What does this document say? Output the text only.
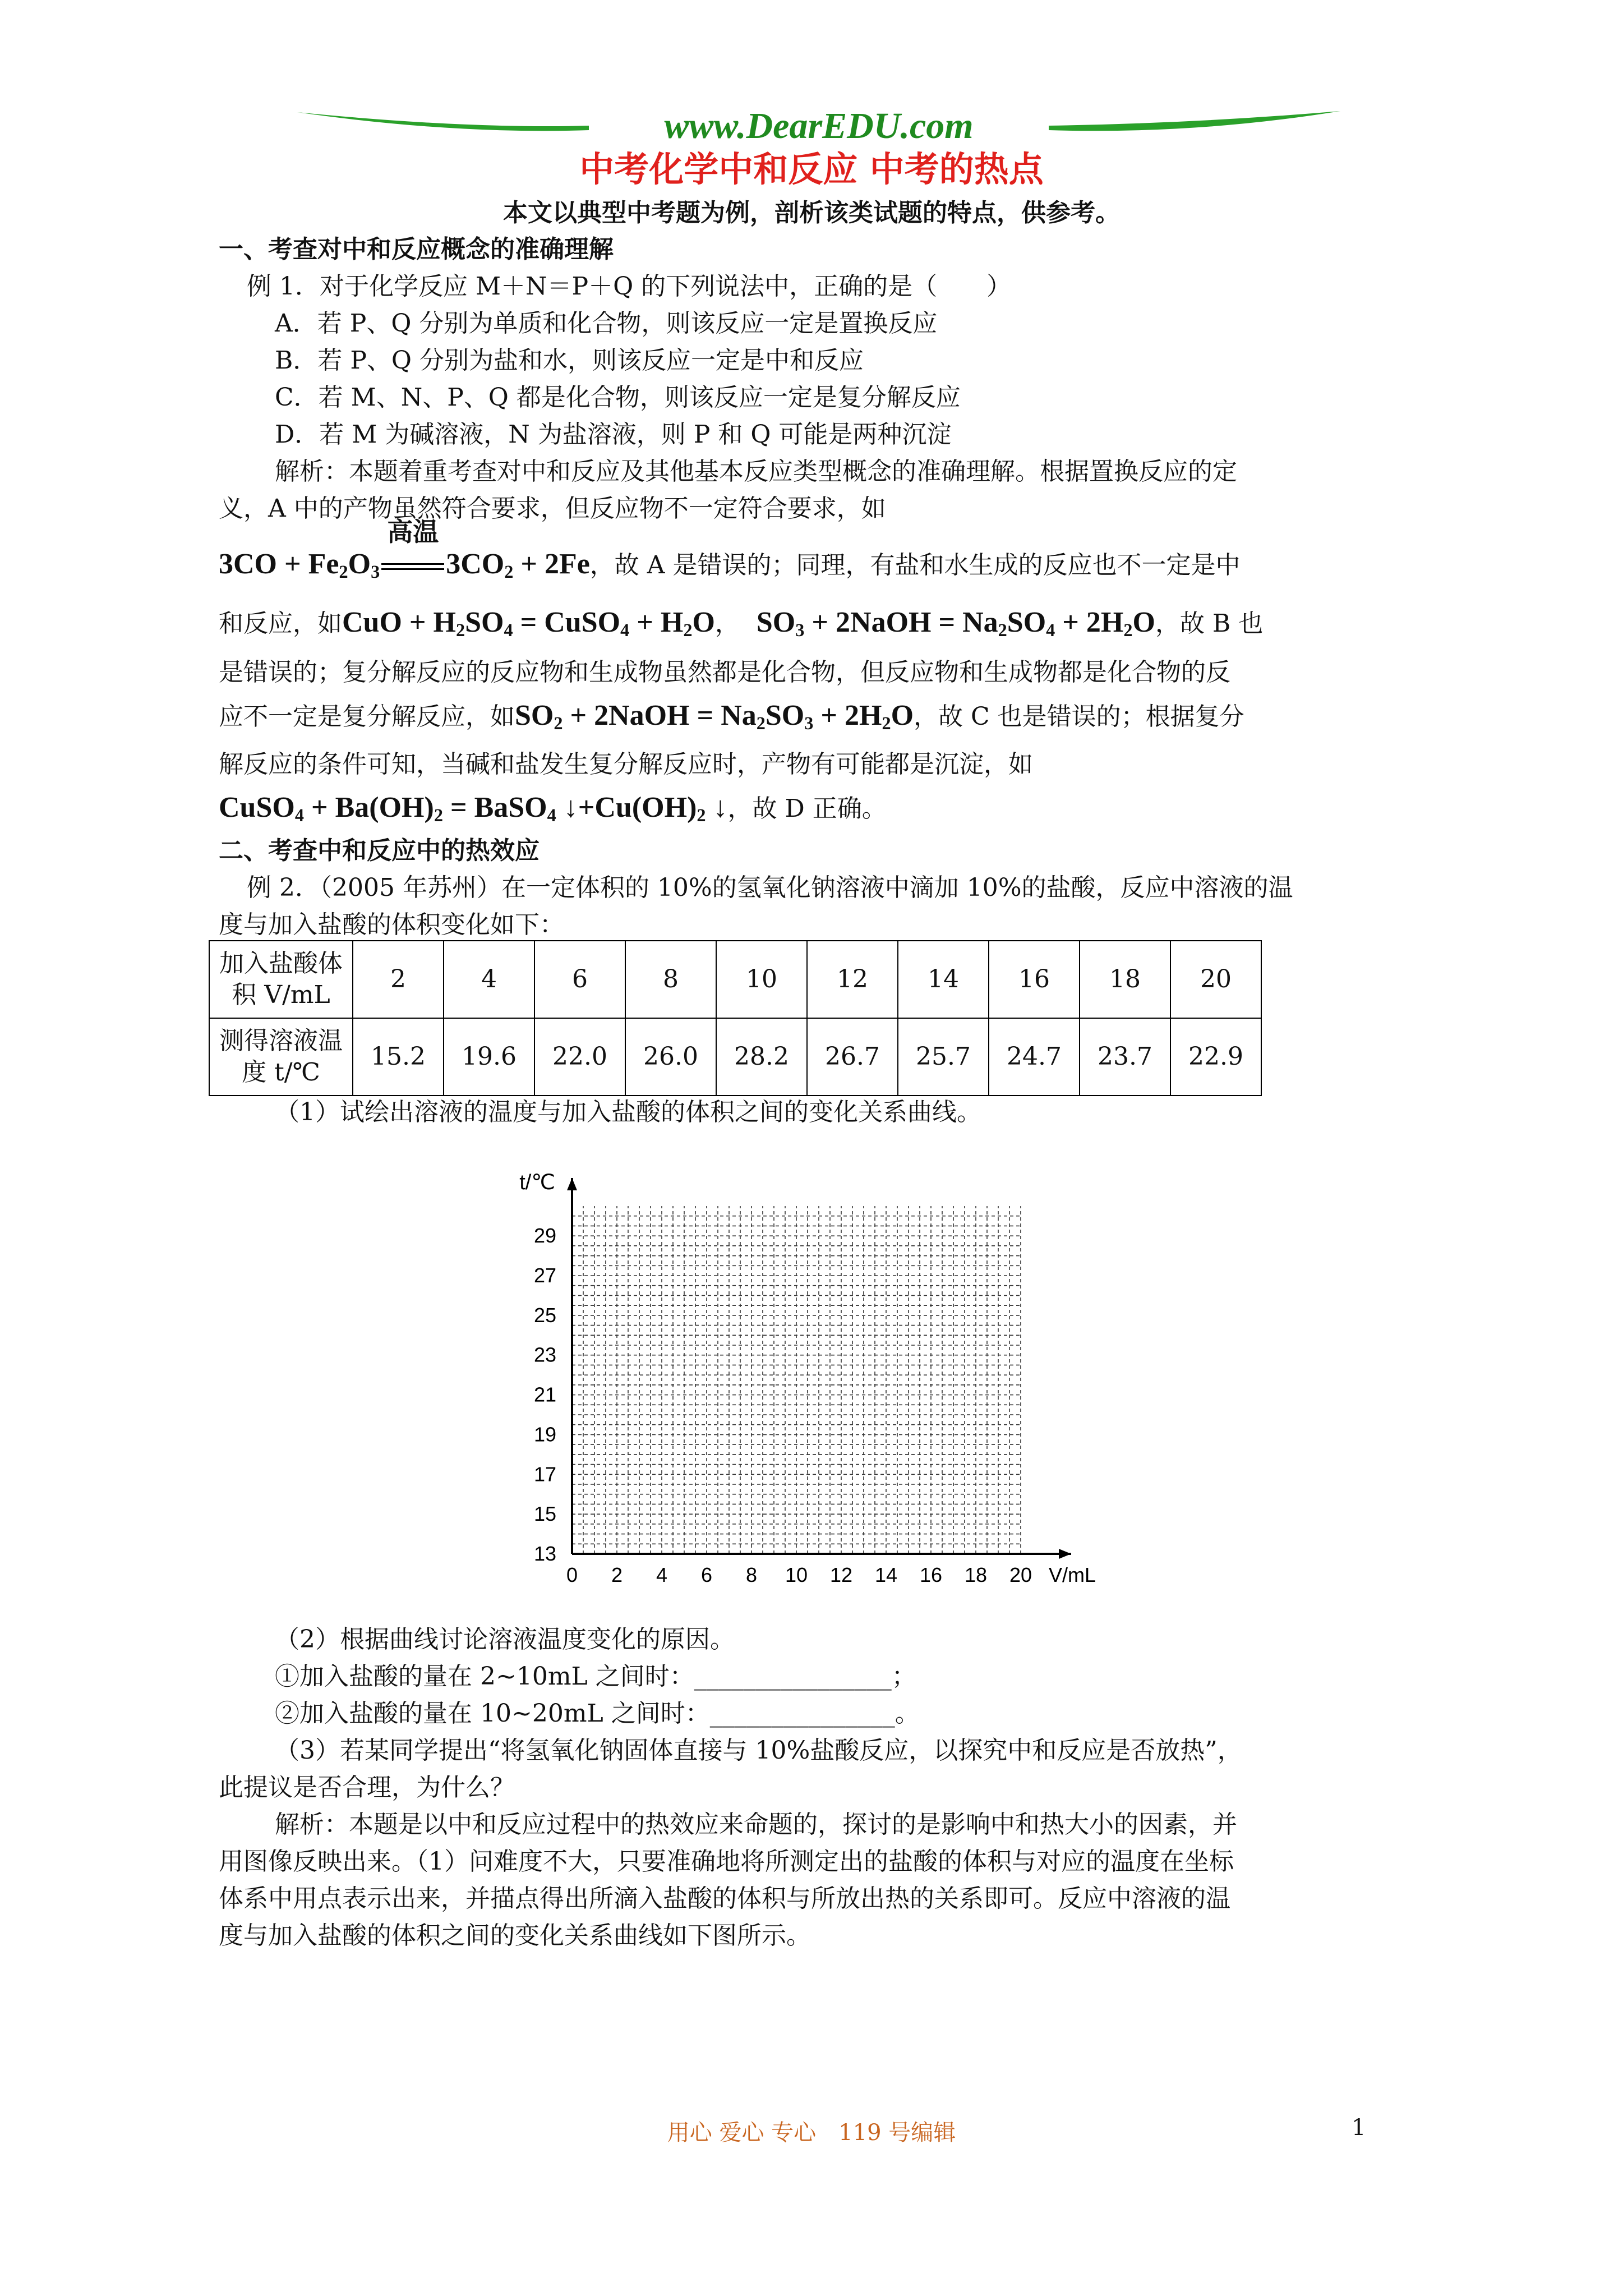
www.DearEDU.com
中考化学中和反应 中考的热点
本文以典型中考题为例，剖析该类试题的特点，供参考。
一、考查对中和反应概念的准确理解
例 1．对于化学反应 M＋N＝P＋Q 的下列说法中，正确的是（　　）
A．若 P、Q 分别为单质和化合物，则该反应一定是置换反应
B．若 P、Q 分别为盐和水，则该反应一定是中和反应
C．若 M、N、P、Q 都是化合物，则该反应一定是复分解反应
D．若 M 为碱溶液，N 为盐溶液，则 P 和 Q 可能是两种沉淀
解析：本题着重考查对中和反应及其他基本反应类型概念的准确理解。根据置换反应的定
义，A 中的产物虽然符合要求，但反应物不一定符合要求，如
$3CO + Fe_2O_3$
高温
$3CO_2 + 2Fe$，故 A 是错误的；同理，有盐和水生成的反应也不一定是中
和反应，如CuO + $H_2SO_4$ = CuSO$_4$ + $H_2O$， $SO_3$ + 2NaOH = $Na_2SO_4 + 2H_2O$，故 B 也
是错误的；复分解反应的反应物和生成物虽然都是化合物，但反应物和生成物都是化合物的反
应不一定是复分解反应，如$SO_2$ + 2NaOH = $Na_2SO_3 + 2H_2O$，故 C 也是错误的；根据复分
解反应的条件可知，当碱和盐发生复分解反应时，产物有可能都是沉淀，如
CuSO$_4$ + $Ba(OH)_2$ = BaSO$_4$ $↓+Cu(OH)_2$ ↓，故 D 正确。
二、考查中和反应中的热效应
例 2．（2005 年苏州）在一定体积的 10%的氢氧化钠溶液中滴加 10%的盐酸，反应中溶液的温
度与加入盐酸的体积变化如下：
加入盐酸体
积 V/mL	2	4	6	8	10	12	14	16	18	20
测得溶液温
度 t/℃	15.2	19.6	22.0	26.0	28.2	26.7	25.7	24.7	23.7	22.9
（1）试绘出溶液的温度与加入盐酸的体积之间的变化关系曲线。
0 2 4 6 8 10 12 14 16 18 20
13
15
17
19
21
23
25
27
29
V/mL
t/℃
（2）根据曲线讨论溶液温度变化的原因。
①加入盐酸的量在 2~10mL 之间时：________________；
②加入盐酸的量在 10~20mL 之间时：_______________。
（3）若某同学提出“将氢氧化钠固体直接与 10%盐酸反应，以探究中和反应是否放热”，
此提议是否合理，为什么？
解析：本题是以中和反应过程中的热效应来命题的，探讨的是影响中和热大小的因素，并
用图像反映出来。（1）问难度不大，只要准确地将所测定出的盐酸的体积与对应的温度在坐标
体系中用点表示出来，并描点得出所滴入盐酸的体积与所放出热的关系即可。反应中溶液的温
度与加入盐酸的体积之间的变化关系曲线如下图所示。
用心 爱心 专心　119 号编辑	1
